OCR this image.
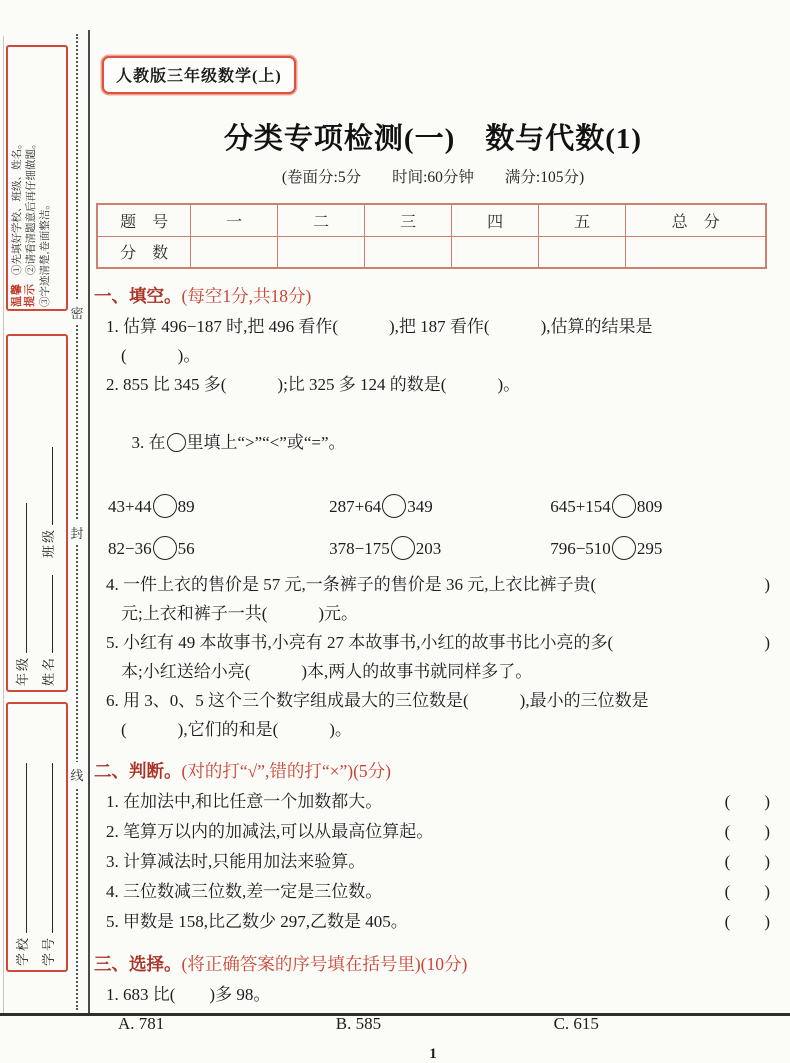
密
封
线
温馨提示
①先填好学校、班级、姓名。 ②请看清题意后再仔细做题。 ③字迹清楚,卷面整洁。
年级 姓名班级
学校 学号
人教版三年级数学(上)
分类专项检测(一)　数与代数(1)
(卷面分:5分　　时间:60分钟　　满分:105分)
题　号	一	二	三	四	五	总　分
分　数						
一、填空。(每空1分,共18分)
1. 估算 496−187 时,把 496 看作(　　　),把 187 看作(　　　),估算的结果是
(　　　)。
2. 855 比 345 多(　　　);比 325 多 124 的数是(　　　)。

3. 在 里填上“>”“<”或“=”。

43+44 89	287+64 349	645+154 809
82−36 56	378−175 203	796−510 295
4. 一件上衣的售价是 57 元,一条裤子的售价是 36 元,上衣比裤子贵(	)
元;上衣和裤子一共(　　　)元。
5. 小红有 49 本故事书,小亮有 27 本故事书,小红的故事书比小亮的多(	)
本;小红送给小亮(　　　)本,两人的故事书就同样多了。
6. 用 3、0、5 这个三个数字组成最大的三位数是(　　　),最小的三位数是
(　　　),它们的和是(　　　)。
二、判断。(对的打“√”,错的打“×”)(5分)
1. 在加法中,和比任意一个加数都大。	(　　)
2. 笔算万以内的加减法,可以从最高位算起。	(　　)
3. 计算减法时,只能用加法来验算。	(　　)
4. 三位数减三位数,差一定是三位数。	(　　)
5. 甲数是 158,比乙数少 297,乙数是 405。	(　　)
三、选择。(将正确答案的序号填在括号里)(10分)
1. 683 比(　　)多 98。
A. 781	B. 585	C. 615
1
